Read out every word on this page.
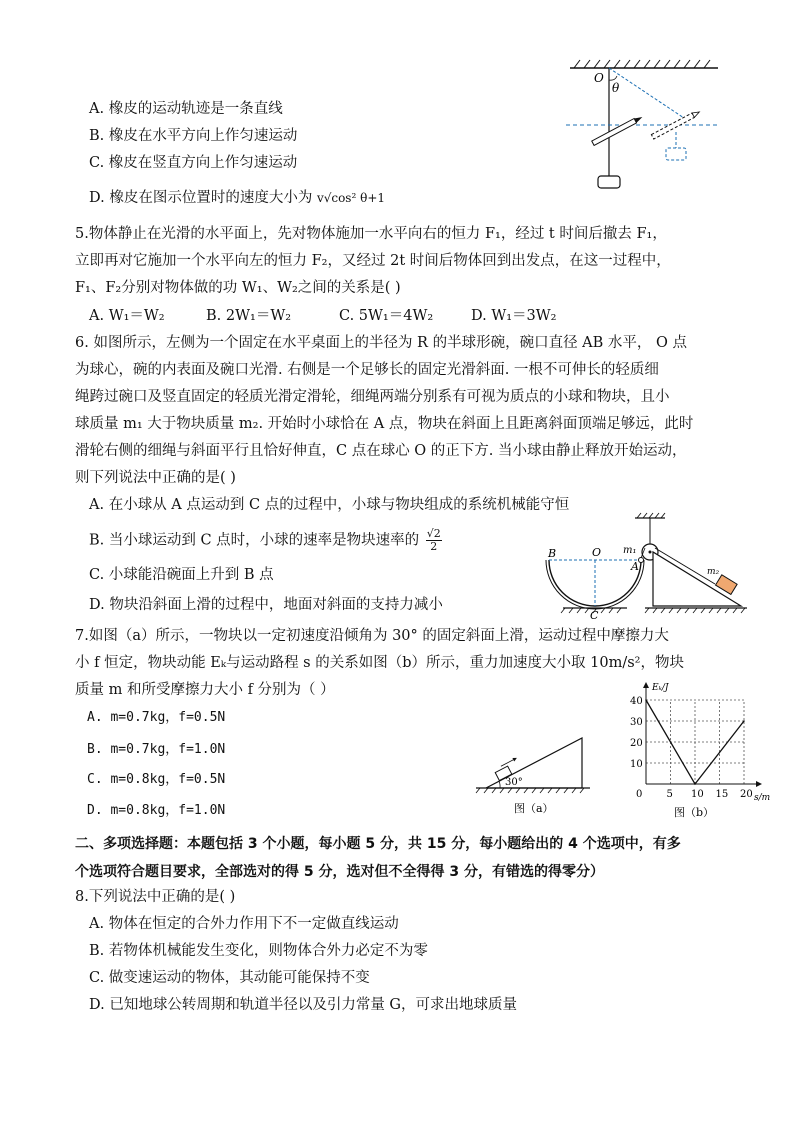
A. 橡皮的运动轨迹是一条直线
B. 橡皮在水平方向上作匀速运动
C. 橡皮在竖直方向上作匀速运动
D. 橡皮在图示位置时的速度大小为 v√cos² θ+1
O
θ
5.物体静止在光滑的水平面上，先对物体施加一水平向右的恒力 F₁，经过 t 时间后撤去 F₁，
立即再对它施加一个水平向左的恒力 F₂，又经过 2t 时间后物体回到出发点，在这一过程中，
F₁、F₂分别对物体做的功 W₁、W₂之间的关系是( )
A. W₁＝W₂	B. 2W₁＝W₂	C. 5W₁＝4W₂	D. W₁＝3W₂
6. 如图所示，左侧为一个固定在水平桌面上的半径为 R 的半球形碗，碗口直径 AB 水平， O 点
为球心，碗的内表面及碗口光滑. 右侧是一个足够长的固定光滑斜面. 一根不可伸长的轻质细
绳跨过碗口及竖直固定的轻质光滑定滑轮，细绳两端分别系有可视为质点的小球和物块，且小
球质量 m₁ 大于物块质量 m₂. 开始时小球恰在 A 点，物块在斜面上且距离斜面顶端足够远，此时
滑轮右侧的细绳与斜面平行且恰好伸直，C 点在球心 O 的正下方. 当小球由静止释放开始运动，
则下列说法中正确的是( )
A. 在小球从 A 点运动到 C 点的过程中，小球与物块组成的系统机械能守恒
B. 当小球运动到 C 点时，小球的速率是物块速率的 $\frac{√2}{2}$
C. 小球能沿碗面上升到 B 点
D. 物块沿斜面上滑的过程中，地面对斜面的支持力减小
B	O m₁
A
C
m₂
7.如图（a）所示，一物块以一定初速度沿倾角为 30° 的固定斜面上滑，运动过程中摩擦力大
小 f 恒定，物块动能 Eₖ与运动路程 s 的关系如图（b）所示，重力加速度大小取 10m/s²，物块
质量 m 和所受摩擦力大小 f 分别为（ ）
A. m=0.7kg，f=0.5N
B. m=0.7kg，f=1.0N
C. m=0.8kg，f=0.5N
D. m=0.8kg，f=1.0N
30°
图（a）
Eₖ/J
s/m
0 5 10 15 20
10
20
30
40
图（b）
二、多项选择题：本题包括 3 个小题，每小题 5 分，共 15 分，每小题给出的 4 个选项中，有多
个选项符合题目要求，全部选对的得 5 分，选对但不全得得 3 分，有错选的得零分）
8.下列说法中正确的是( )
A. 物体在恒定的合外力作用下不一定做直线运动
B. 若物体机械能发生变化，则物体合外力必定不为零
C. 做变速运动的物体，其动能可能保持不变
D. 已知地球公转周期和轨道半径以及引力常量 G，可求出地球质量
